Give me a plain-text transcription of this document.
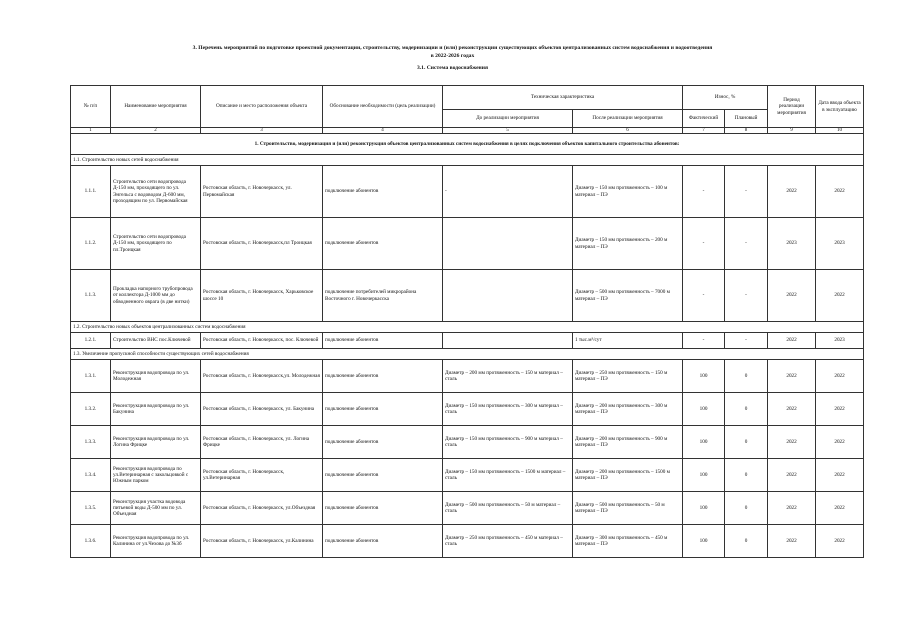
3. Перечень мероприятий по подготовке проектной документации, строительству, модернизации и (или) реконструкции существующих объектов централизованных систем водоснабжения и водоотведения
в 2022-2026 годах
3.1. Система водоснабжения
№ п/п	Наименование мероприятия	Описание и место расположения объекта	Обоснование необходимости (цель реализации)	Техническая характеристика		Износ, %		Период реализации мероприятия	Дата ввода объекта в эксплуатацию
				До реализации мероприятия	После реализации мероприятия	Фактический	Плановый		
1	2	3	4	5	6	7	8	9	10
1. Строительство, модернизация и (или) реконструкция объектов централизованных систем водоснабжения в целях подключения объектов капитального строительства абонентов:									
1.1. Строительство новых сетей водоснабжения									
1.1.1.	Строительство сети водопровода Д-150 мм, проходящего по ул. Энгельса с водоводом Д-600 мм, проходящим по ул. Первомайская	Ростовская область, г. Новочеркасск, ул. Первомайская	подключение абонентов	-	Диаметр – 150 мм протяженность – 100 м материал – ПЭ	-	-	2022	2022
1.1.2.	Строительство сети водопровода Д-150 мм, проходящего по пл.Троицкая	Ростовская область, г. Новочеркасск,пл Троицкая	подключение абонентов		Диаметр – 150 мм протяженность – 200 м материал – ПЭ	-	-	2023	2023
1.1.3.	Прокладка напорного трубопровода от коллектора Д-1000 мм до обводненного оврага (в две нитки)	Ростовская область, г. Новочеркасск, Харьковское шоссе 10	подключение потребителей микрорайона Восточного г. Новочеркасска		Диаметр – 500 мм протяженность – 7000 м материал – ПЭ	-	-	2022	2022
1.2. Строительство новых объектов централизованных систем водоснабжения									
1.2.1.	Строительство ВНС пос.Ключевой	Ростовская область, г. Новочеркасск, пос. Ключевой	подключение абонентов		1 тыс.м³/сут	-	-	2022	2023
1.3. Увеличение пропускной способности существующих сетей водоснабжения									
1.3.1.	Реконструкция водопровода по ул. Молодежная	Ростовская область, г. Новочеркасск,ул. Молодежная	подключение абонентов	Диаметр – 200 мм протяженность – 150 м материал – сталь	Диаметр – 250 мм протяженность – 150 м материал – ПЭ	100	0	2022	2022
1.3.2.	Реконструкция водопровода по ул. Бакунина	Ростовская область, г. Новочеркасск, ул. Бакунина	подключение абонентов	Диаметр – 150 мм протяженность – 300 м материал – сталь	Диаметр – 200 мм протяженность – 300 м материал – ПЭ	100	0	2022	2022
1.3.3.	Реконструкция водопровода по ул. Логина Фрицке	Ростовская область, г. Новочеркасск, ул. Логина Фрицке	подключение абонентов	Диаметр – 150 мм протяженность – 900 м материал – сталь	Диаметр – 200 мм протяженность – 900 м материал – ПЭ	100	0	2022	2022
1.3.4.	Реконструкция водопровода по ул.Ветеринарная с закольцовкой с Южным парком	Ростовская область, г. Новочеркасск, ул.Ветеринарная	подключение абонентов	Диаметр – 150 мм протяженность – 1500 м материал – сталь	Диаметр – 200 мм протяженность – 1500 м материал – ПЭ	100	0	2022	2022
1.3.5.	Реконструкция участка водовода питьевой воды Д-500 мм по ул. Объездная	Ростовская область, г. Новочеркасск, ул.Объездная	подключение абонентов	Диаметр – 500 мм протяженность – 50 м материал – сталь	Диаметр – 500 мм протяженность – 50 м материал – ПЭ	100	0	2022	2022
1.3.6.	Реконструкция водопровода по ул. Калинина от ул.Чехова до №3б	Ростовская область, г. Новочеркасск, ул.Калинина	подключение абонентов	Диаметр – 250 мм протяженность – 450 м материал – сталь	Диаметр – 300 мм протяженность – 450 м материал – ПЭ	100	0	2022	2022
